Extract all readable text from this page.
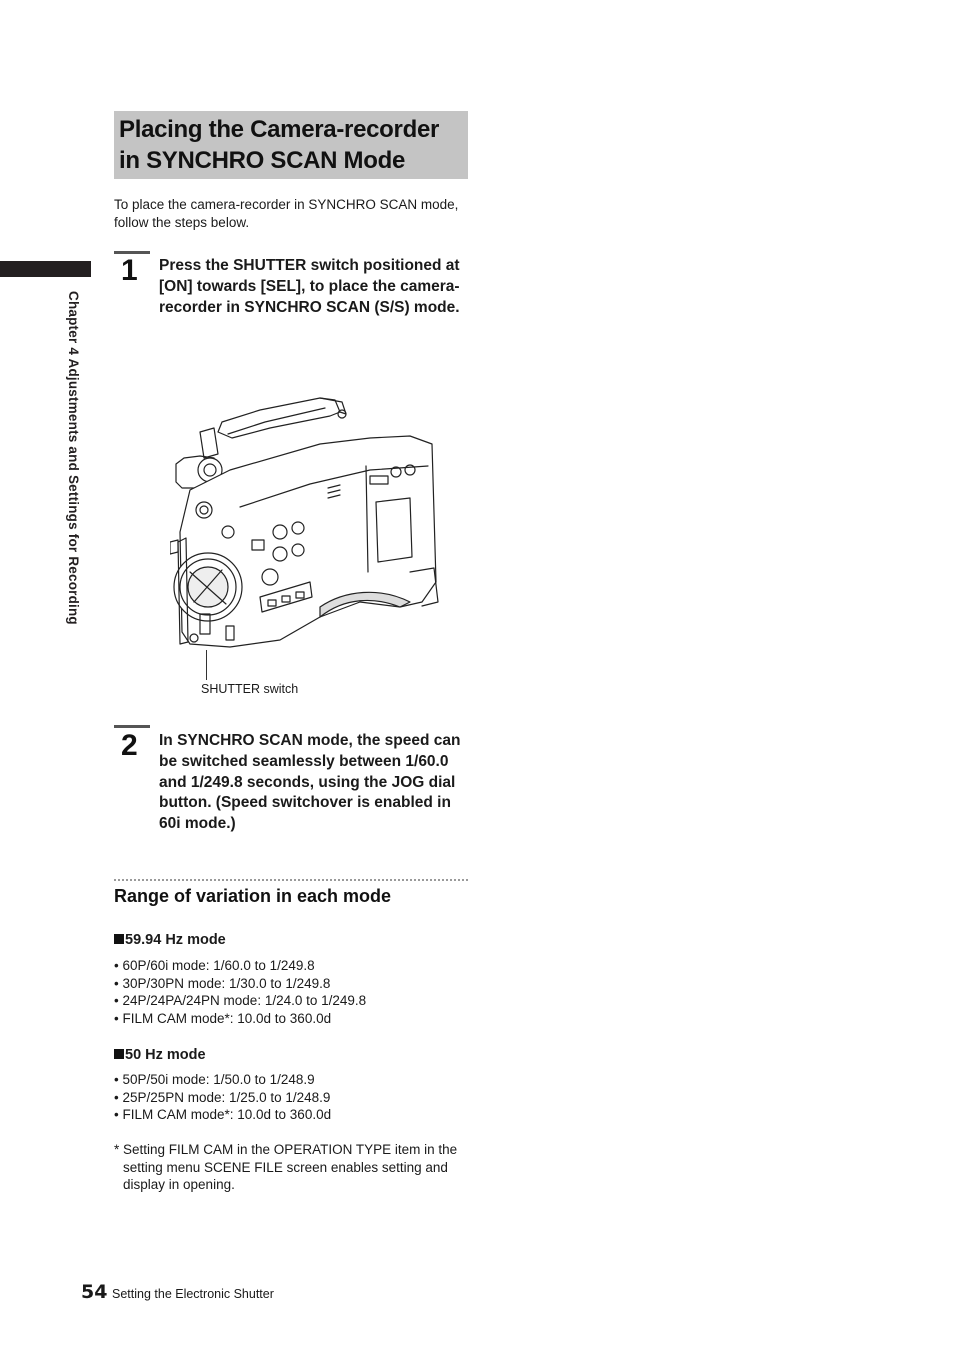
Chapter 4 Adjustments and Settings for Recording
Placing the Camera-recorder
in SYNCHRO SCAN Mode
To place the camera-recorder in SYNCHRO SCAN mode, follow the steps below.
1 Press the SHUTTER switch positioned at [ON] towards [SEL], to place the camera-recorder in SYNCHRO SCAN (S/S) mode.
SHUTTER switch
2 In SYNCHRO SCAN mode, the speed can be switched seamlessly between 1/60.0 and 1/249.8 seconds, using the JOG dial button. (Speed switchover is enabled in 60i mode.)
Range of variation in each mode
59.94 Hz mode
• 60P/60i mode: 1/60.0 to 1/249.8
• 30P/30PN mode: 1/30.0 to 1/249.8
• 24P/24PA/24PN mode: 1/24.0 to 1/249.8
• FILM CAM mode*: 10.0d to 360.0d
50 Hz mode
• 50P/50i mode: 1/50.0 to 1/248.9
• 25P/25PN mode: 1/25.0 to 1/248.9
• FILM CAM mode*: 10.0d to 360.0d
* Setting FILM CAM in the OPERATION TYPE item in the setting menu SCENE FILE screen enables setting and display in opening.
54 Setting the Electronic Shutter
